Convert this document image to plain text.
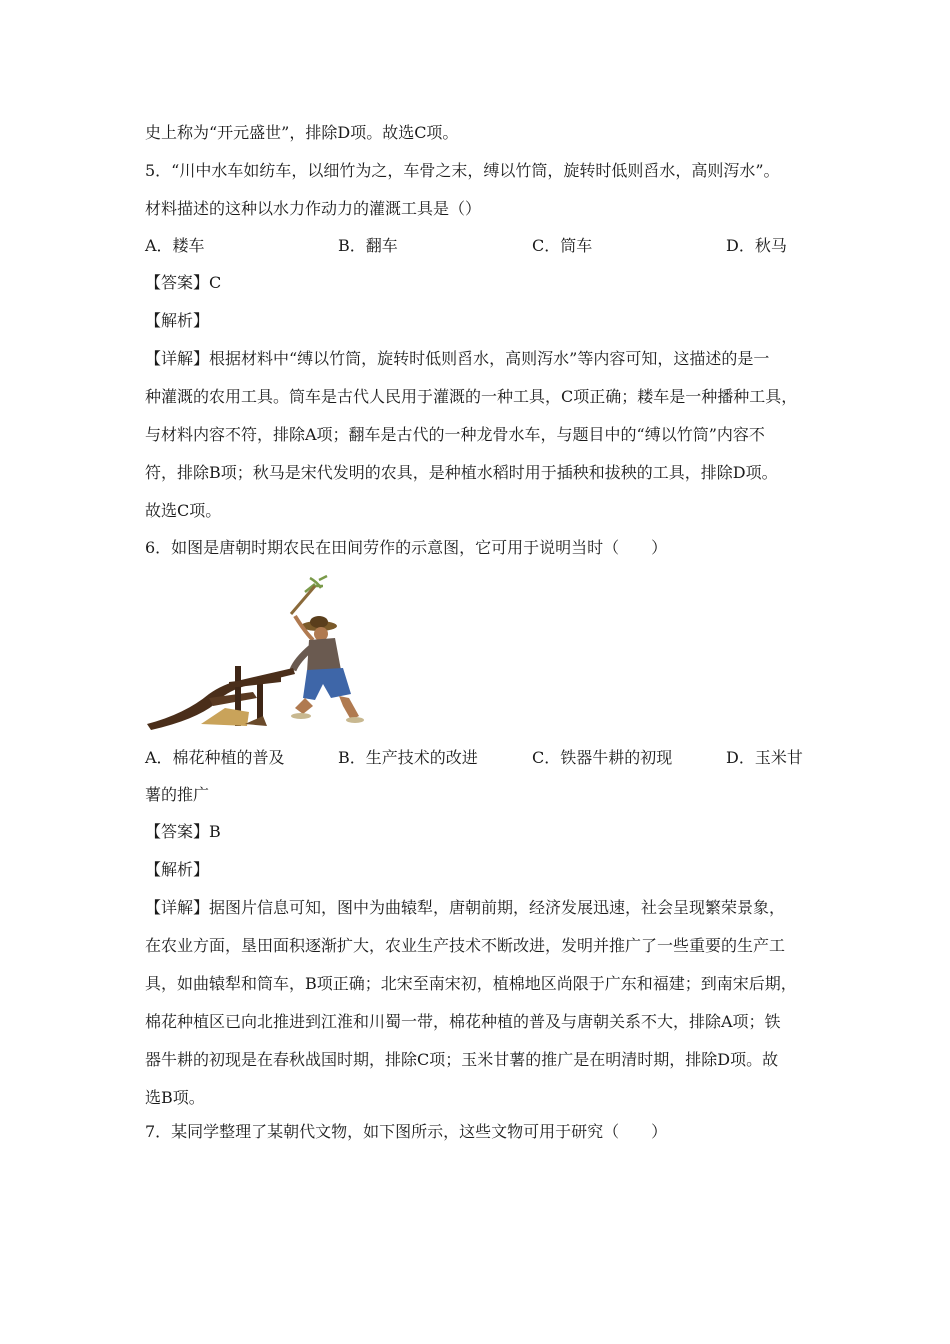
史上称为“开元盛世”，排除D项。故选C项。
5．“川中水车如纺车，以细竹为之，车骨之末，缚以竹筒，旋转时低则舀水，高则泻水”。
材料描述的这种以水力作动力的灌溉工具是（）
A．耧车	B．翻车	C．筒车	D．秋马
【答案】C
【解析】
【详解】根据材料中“缚以竹筒，旋转时低则舀水，高则泻水”等内容可知，这描述的是一
种灌溉的农用工具。筒车是古代人民用于灌溉的一种工具，C项正确；耧车是一种播种工具，
与材料内容不符，排除A项；翻车是古代的一种龙骨水车，与题目中的“缚以竹筒”内容不
符，排除B项；秋马是宋代发明的农具，是种植水稻时用于插秧和拔秧的工具，排除D项。
故选C项。
6．如图是唐朝时期农民在田间劳作的示意图，它可用于说明当时（　　）
A．棉花种植的普及	B．生产技术的改进	C．铁器牛耕的初现	D．玉米甘
薯的推广
【答案】B
【解析】
【详解】据图片信息可知，图中为曲辕犁，唐朝前期，经济发展迅速，社会呈现繁荣景象，
在农业方面，垦田面积逐渐扩大，农业生产技术不断改进，发明并推广了一些重要的生产工
具，如曲辕犁和筒车，B项正确；北宋至南宋初，植棉地区尚限于广东和福建；到南宋后期，
棉花种植区已向北推进到江淮和川蜀一带，棉花种植的普及与唐朝关系不大，排除A项；铁
器牛耕的初现是在春秋战国时期，排除C项；玉米甘薯的推广是在明清时期，排除D项。故
选B项。
7．某同学整理了某朝代文物，如下图所示，这些文物可用于研究（　　）
